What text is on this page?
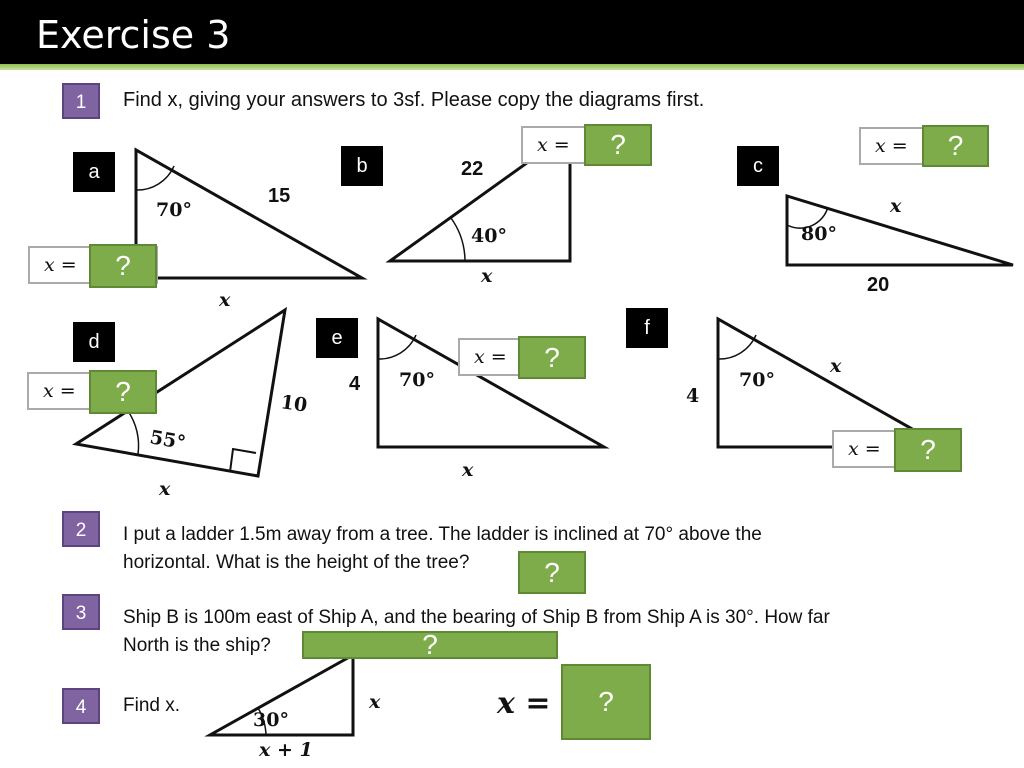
Exercise 3
1	Find x, giving your answers to 3sf. Please copy the diagrams first.
70°
15
x
22
40°
x
x
80°
20
55°
10
x
4 70°
x
4
70°
x
30°
x
x + 1
a	b	c
d	e	f
x =	?
x =	?	x =	?
x =	?
x =	?
x =	?
2	I put a ladder 1.5m away from a tree. The ladder is inclined at 70° above the
horizontal. What is the height of the tree?	?
3	Ship B is 100m east of Ship A, and the bearing of Ship B from Ship A is 30°. How far
North is the ship?	?
4	Find x.	x =	?
